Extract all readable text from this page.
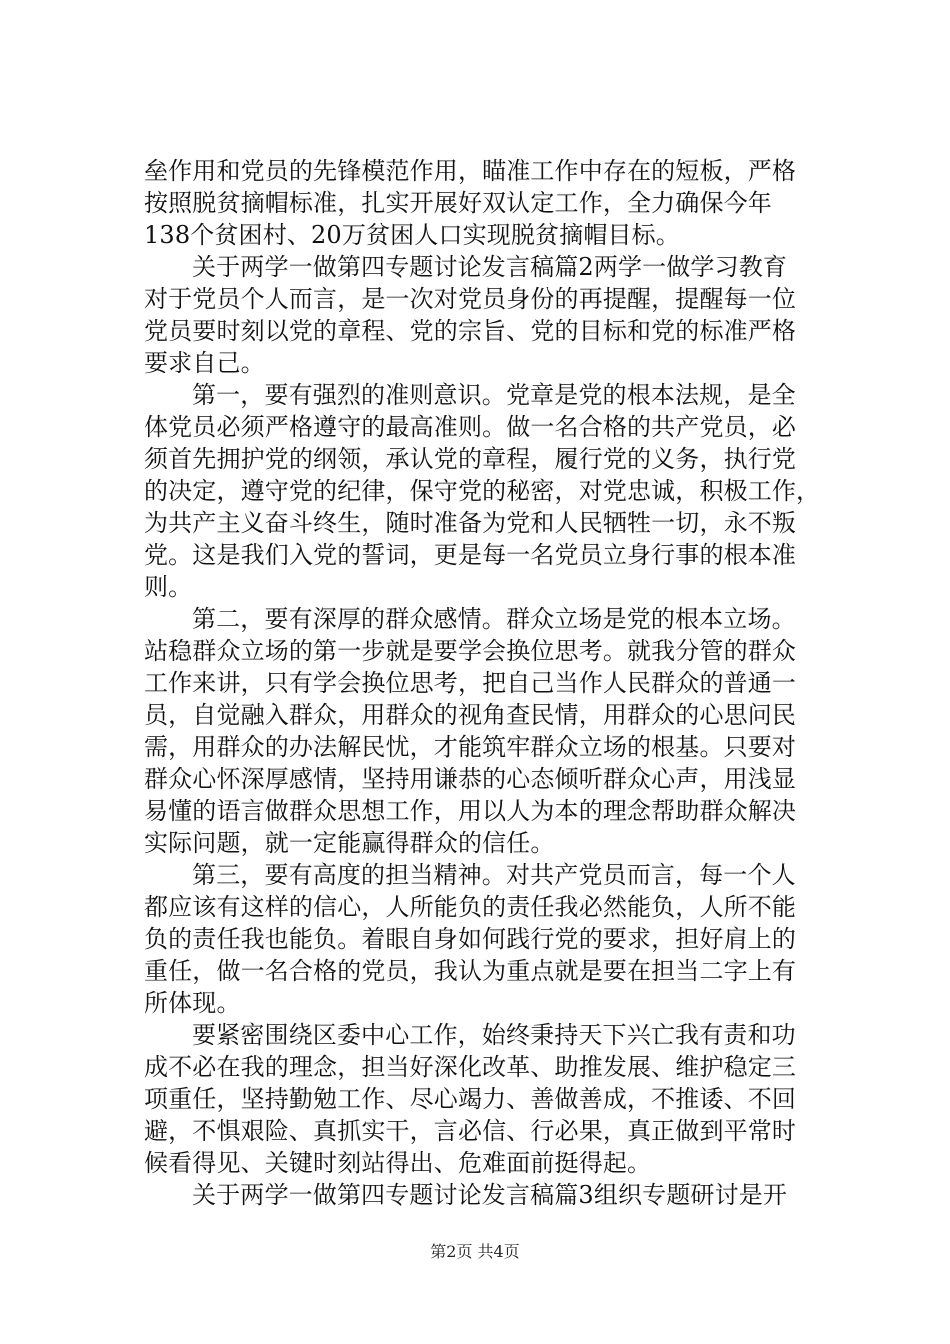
垒作用和党员的先锋模范作用，瞄准工作中存在的短板，严格
按照脱贫摘帽标准，扎实开展好双认定工作，全力确保今年
138个贫困村、20万贫困人口实现脱贫摘帽目标。
关于两学一做第四专题讨论发言稿篇2两学一做学习教育
对于党员个人而言，是一次对党员身份的再提醒，提醒每一位
党员要时刻以党的章程、党的宗旨、党的目标和党的标准严格
要求自己。
第一，要有强烈的准则意识。党章是党的根本法规，是全
体党员必须严格遵守的最高准则。做一名合格的共产党员，必
须首先拥护党的纲领，承认党的章程，履行党的义务，执行党
的决定，遵守党的纪律，保守党的秘密，对党忠诚，积极工作，
为共产主义奋斗终生，随时准备为党和人民牺牲一切，永不叛
党。这是我们入党的誓词，更是每一名党员立身行事的根本准
则。
第二，要有深厚的群众感情。群众立场是党的根本立场。
站稳群众立场的第一步就是要学会换位思考。就我分管的群众
工作来讲，只有学会换位思考，把自己当作人民群众的普通一
员，自觉融入群众，用群众的视角查民情，用群众的心思问民
需，用群众的办法解民忧，才能筑牢群众立场的根基。只要对
群众心怀深厚感情，坚持用谦恭的心态倾听群众心声，用浅显
易懂的语言做群众思想工作，用以人为本的理念帮助群众解决
实际问题，就一定能赢得群众的信任。
第三，要有高度的担当精神。对共产党员而言，每一个人
都应该有这样的信心，人所能负的责任我必然能负，人所不能
负的责任我也能负。着眼自身如何践行党的要求，担好肩上的
重任，做一名合格的党员，我认为重点就是要在担当二字上有
所体现。
要紧密围绕区委中心工作，始终秉持天下兴亡我有责和功
成不必在我的理念，担当好深化改革、助推发展、维护稳定三
项重任，坚持勤勉工作、尽心竭力、善做善成，不推诿、不回
避，不惧艰险、真抓实干，言必信、行必果，真正做到平常时
候看得见、关键时刻站得出、危难面前挺得起。
关于两学一做第四专题讨论发言稿篇3组织专题研讨是开
第2页 共4页
